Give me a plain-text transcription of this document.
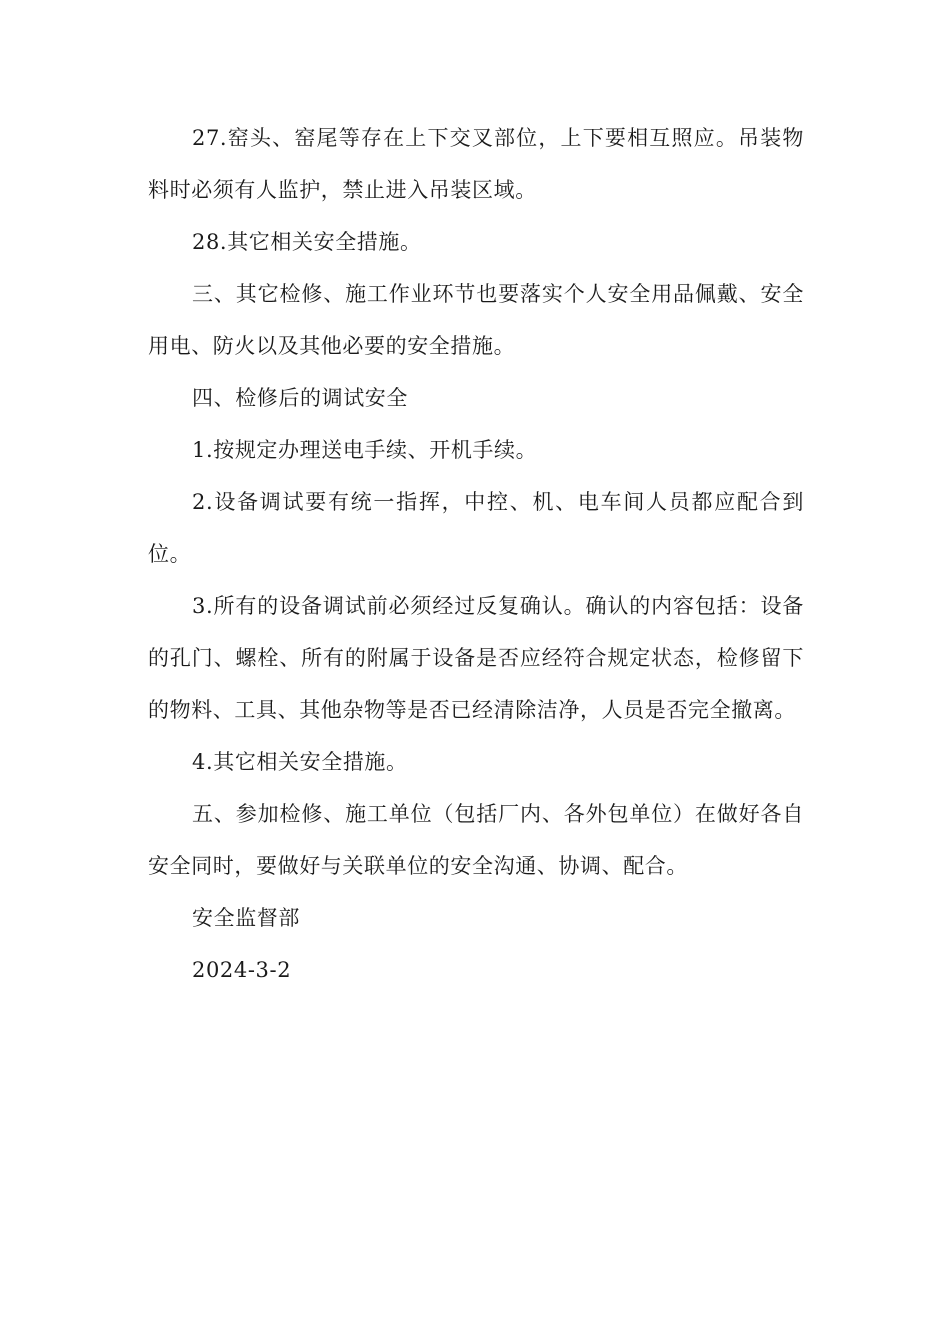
27.窑头、窑尾等存在上下交叉部位，上下要相互照应。吊装物料时必须有人监护，禁止进入吊装区域。

28.其它相关安全措施。

三、其它检修、施工作业环节也要落实个人安全用品佩戴、安全用电、防火以及其他必要的安全措施。

四、检修后的调试安全

1.按规定办理送电手续、开机手续。

2.设备调试要有统一指挥，中控、机、电车间人员都应配合到位。

3.所有的设备调试前必须经过反复确认。确认的内容包括：设备的孔门、螺栓、所有的附属于设备是否应经符合规定状态，检修留下的物料、工具、其他杂物等是否已经清除洁净，人员是否完全撤离。

4.其它相关安全措施。

五、参加检修、施工单位（包括厂内、各外包单位）在做好各自安全同时，要做好与关联单位的安全沟通、协调、配合。

安全监督部

2024-3-2
